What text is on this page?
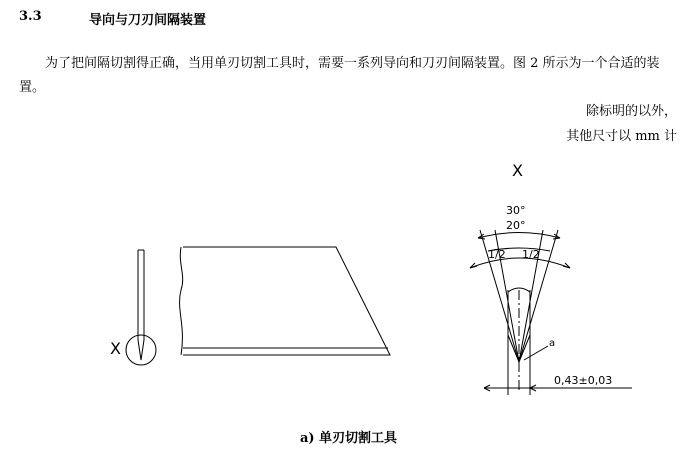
3.3	导向与刀刃间隔装置

为了把间隔切割得正确，当用单刃切割工具时，需要一系列导向和刀刃间隔装置。图 2 所示为一个合适的装置。

除标明的以外，
其他尺寸以 mm 计
X
X
30°
20°
1/2 1/2
a
0,43±0,03
a) 单刃切割工具
